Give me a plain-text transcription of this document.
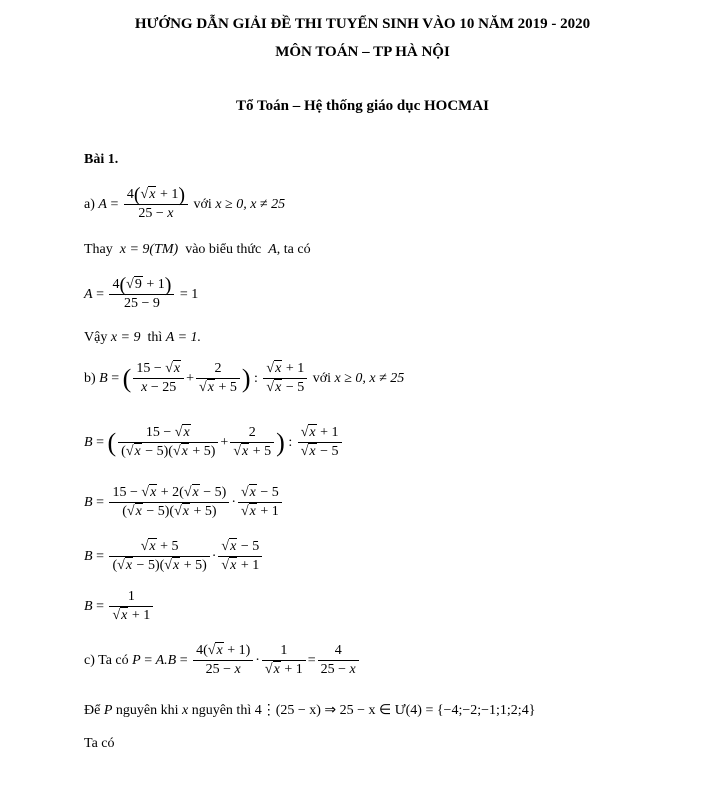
HƯỚNG DẪN GIẢI ĐỀ THI TUYỂN SINH VÀO 10 NĂM 2019 - 2020
MÔN TOÁN – TP HÀ NỘI
Tổ Toán – Hệ thống giáo dục HOCMAI
Bài 1.
a)
$A = \frac{4(√x + 1)}{25 - x}$
với
x ≥ 0, x ≠ 25
Thay x = 9(TM) vào biểu thức A, ta có
$A = \frac{4(√9 + 1)}{25 - 9} = 1$
Vậy x = 9 thì A = 1.
b)
B = ( $\frac{15 - √x}{x - 25} + \frac{2}{√x + 5}$ ) : $\frac{√x + 1}{√x - 5}$
với
x ≥ 0, x ≠ 25
B = ( $\frac{15 - √x}{(√x - 5)(√x + 5)} + \frac{2}{√x + 5}$ ) : $\frac{√x + 1}{√x - 5}$
$B = \frac{15 - √x + 2(√x - 5)}{(√x - 5)(√x + 5)} \cdot \frac{√x - 5}{√x + 1}$
$B = \frac{√x + 5}{(√x - 5)(√x + 5)} \cdot \frac{√x - 5}{√x + 1}$
$B = \frac{1}{√x + 1}$
c) Ta có
$P = A.B = \frac{4(√x + 1)}{25 - x} \cdot \frac{1}{√x + 1} = \frac{4}{25 - x}$
Để P nguyên khi x nguyên thì 4⋮(25 − x) ⇒ 25 − x ∈ Ư(4) = {−4;−2;−1;1;2;4}
Ta có
